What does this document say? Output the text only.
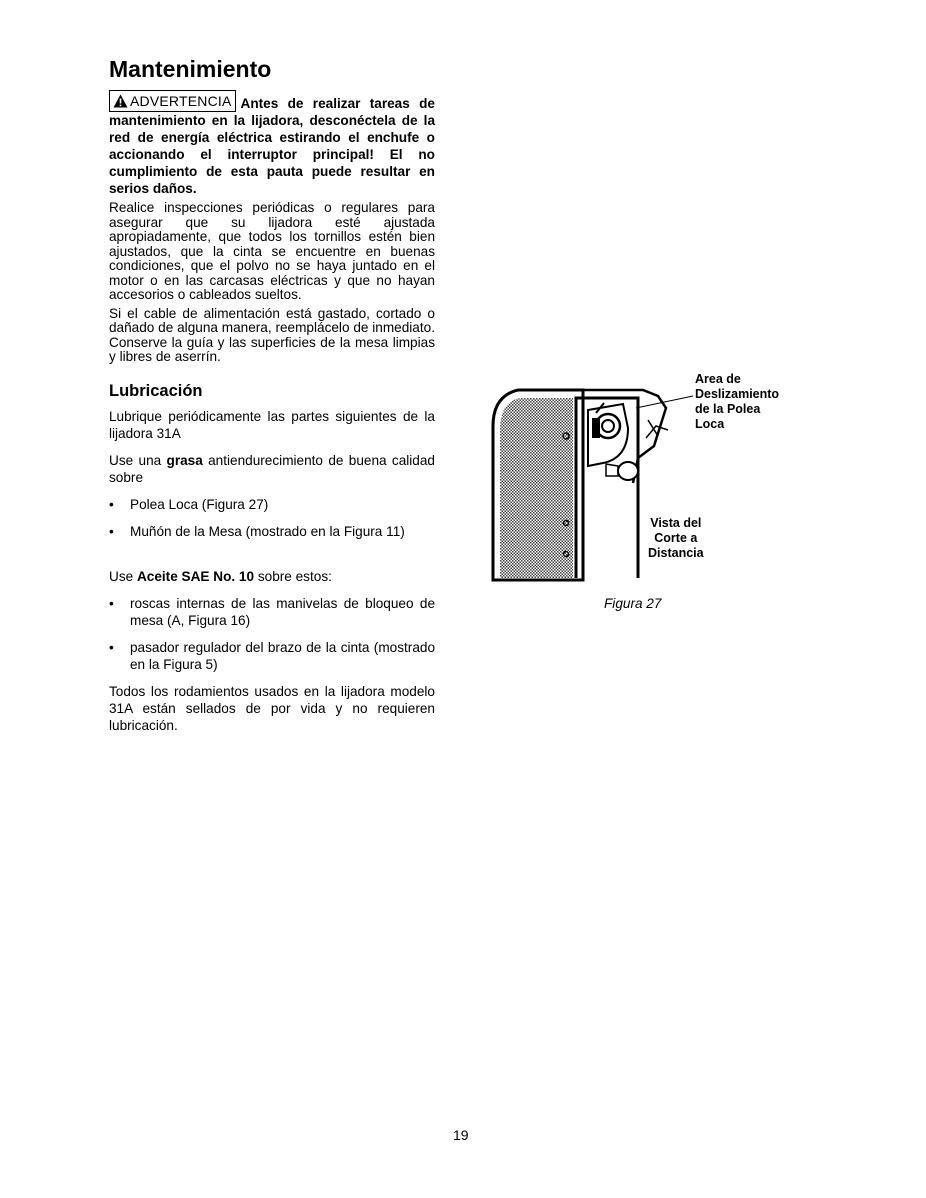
Mantenimiento
ADVERTENCIA Antes de realizar tareas de mantenimiento en la lijadora, desconéctela de la red de energía eléctrica estirando el enchufe o accionando el interruptor principal! El no cumplimiento de esta pauta puede resultar en serios daños.

Realice inspecciones periódicas o regulares para asegurar que su lijadora esté ajustada apropiadamente, que todos los tornillos estén bien ajustados, que la cinta se encuentre en buenas condiciones, que el polvo no se haya juntado en el motor o en las carcasas eléctricas y que no hayan accesorios o cableados sueltos.

Si el cable de alimentación está gastado, cortado o dañado de alguna manera, reemplácelo de inmediato. Conserve la guía y las superficies de la mesa limpias y libres de aserrín.

Lubricación

Lubrique periódicamente las partes siguientes de la lijadora 31A

Use una grasa antiendurecimiento de buena calidad sobre

• Polea Loca (Figura 27)
• Muñón de la Mesa (mostrado en la Figura 11)

Use Aceite SAE No. 10 sobre estos:

• roscas internas de las manivelas de bloqueo de mesa (A, Figura 16)
• pasador regulador del brazo de la cinta (mostrado en la Figura 5)

Todos los rodamientos usados en la lijadora modelo 31A están sellados de por vida y no requieren lubricación.

Area de
Deslizamiento
de la Polea
Loca
Vista del
Corte a
Distancia
Figura 27
19
